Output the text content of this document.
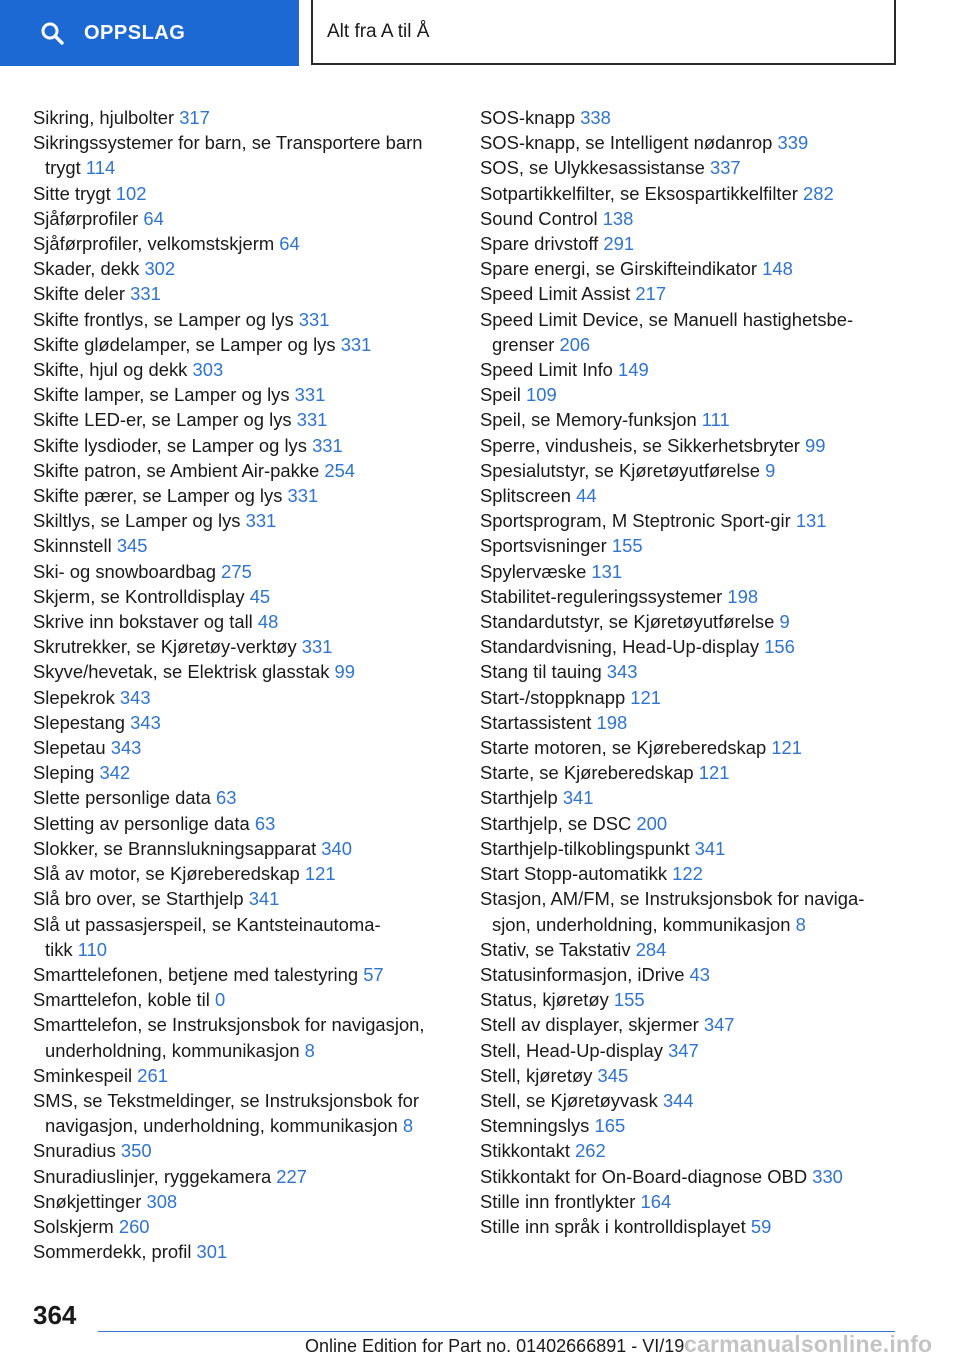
OPPSLAG	Alt fra A til Å
Sikring, hjulbolter 317
Sikringssystemer for barn, se Transportere barn
trygt 114
Sitte trygt 102
Sjåførprofiler 64
Sjåførprofiler, velkomstskjerm 64
Skader, dekk 302
Skifte deler 331
Skifte frontlys, se Lamper og lys 331
Skifte glødelamper, se Lamper og lys 331
Skifte, hjul og dekk 303
Skifte lamper, se Lamper og lys 331
Skifte LED-er, se Lamper og lys 331
Skifte lysdioder, se Lamper og lys 331
Skifte patron, se Ambient Air-pakke 254
Skifte pærer, se Lamper og lys 331
Skiltlys, se Lamper og lys 331
Skinnstell 345
Ski- og snowboardbag 275
Skjerm, se Kontrolldisplay 45
Skrive inn bokstaver og tall 48
Skrutrekker, se Kjøretøy-verktøy 331
Skyve/hevetak, se Elektrisk glasstak 99
Slepekrok 343
Slepestang 343
Slepetau 343
Sleping 342
Slette personlige data 63
Sletting av personlige data 63
Slokker, se Brannslukningsapparat 340
Slå av motor, se Kjøreberedskap 121
Slå bro over, se Starthjelp 341
Slå ut passasjerspeil, se Kantsteinautoma-
tikk 110
Smarttelefonen, betjene med talestyring 57
Smarttelefon, koble til 0
Smarttelefon, se Instruksjonsbok for navigasjon,
underholdning, kommunikasjon 8
Sminkespeil 261
SMS, se Tekstmeldinger, se Instruksjonsbok for
navigasjon, underholdning, kommunikasjon 8
Snuradius 350
Snuradiuslinjer, ryggekamera 227
Snøkjettinger 308
Solskjerm 260
Sommerdekk, profil 301
SOS-knapp 338
SOS-knapp, se Intelligent nødanrop 339
SOS, se Ulykkesassistanse 337
Sotpartikkelfilter, se Eksospartikkelfilter 282
Sound Control 138
Spare drivstoff 291
Spare energi, se Girskifteindikator 148
Speed Limit Assist 217
Speed Limit Device, se Manuell hastighetsbe-
grenser 206
Speed Limit Info 149
Speil 109
Speil, se Memory-funksjon 111
Sperre, vindusheis, se Sikkerhetsbryter 99
Spesialutstyr, se Kjøretøyutførelse 9
Splitscreen 44
Sportsprogram, M Steptronic Sport-gir 131
Sportsvisninger 155
Spylervæske 131
Stabilitet-reguleringssystemer 198
Standardutstyr, se Kjøretøyutførelse 9
Standardvisning, Head-Up-display 156
Stang til tauing 343
Start-/stoppknapp 121
Startassistent 198
Starte motoren, se Kjøreberedskap 121
Starte, se Kjøreberedskap 121
Starthjelp 341
Starthjelp, se DSC 200
Starthjelp-tilkoblingspunkt 341
Start Stopp-automatikk 122
Stasjon, AM/FM, se Instruksjonsbok for naviga-
sjon, underholdning, kommunikasjon 8
Stativ, se Takstativ 284
Statusinformasjon, iDrive 43
Status, kjøretøy 155
Stell av displayer, skjermer 347
Stell, Head-Up-display 347
Stell, kjøretøy 345
Stell, se Kjøretøyvask 344
Stemningslys 165
Stikkontakt 262
Stikkontakt for On-Board-diagnose OBD 330
Stille inn frontlykter 164
Stille inn språk i kontrolldisplayet 59
364
Online Edition for Part no. 01402666891 - VI/19 carmanualsonline.info
